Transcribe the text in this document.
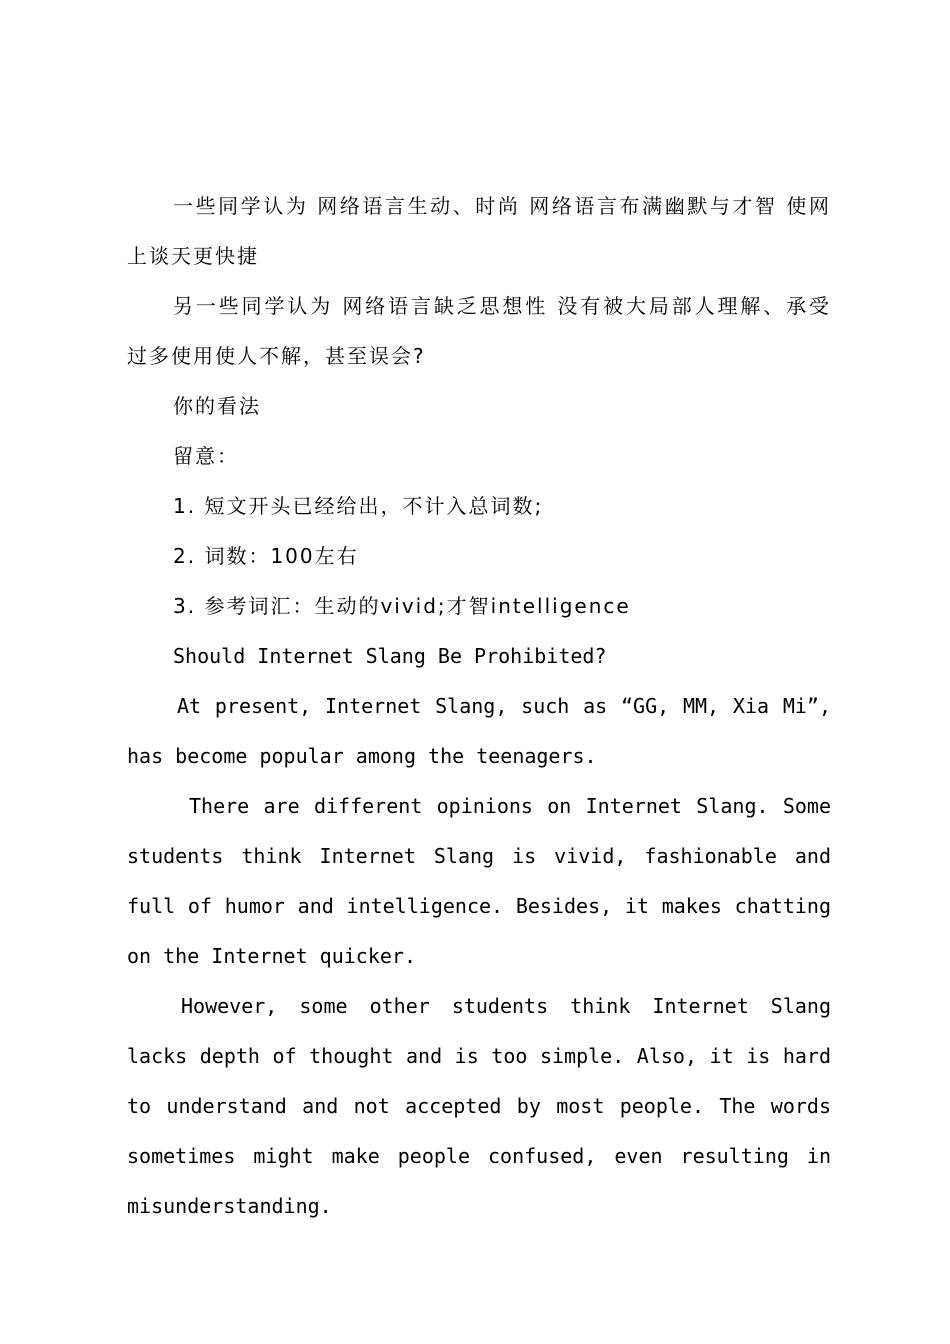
一些同学认为 网络语言生动、时尚 网络语言布满幽默与才智 使网上谈天更快捷

另一些同学认为 网络语言缺乏思想性 没有被大局部人理解、承受 过多使用使人不解，甚至误会?

你的看法

留意：

1. 短文开头已经给出，不计入总词数;

2. 词数：100左右

3. 参考词汇：生动的vivid;才智intelligence

Should Internet Slang Be Prohibited?

At present, Internet Slang, such as “GG, MM, Xia Mi”, has become popular among the teenagers.

There are different opinions on Internet Slang. Some students think Internet Slang is vivid, fashionable and full of humor and intelligence. Besides, it makes chatting on the Internet quicker.

However, some other students think Internet Slang lacks depth of thought and is too simple. Also, it is hard to understand and not accepted by most people. The words sometimes might make people confused, even resulting in misunderstanding.
